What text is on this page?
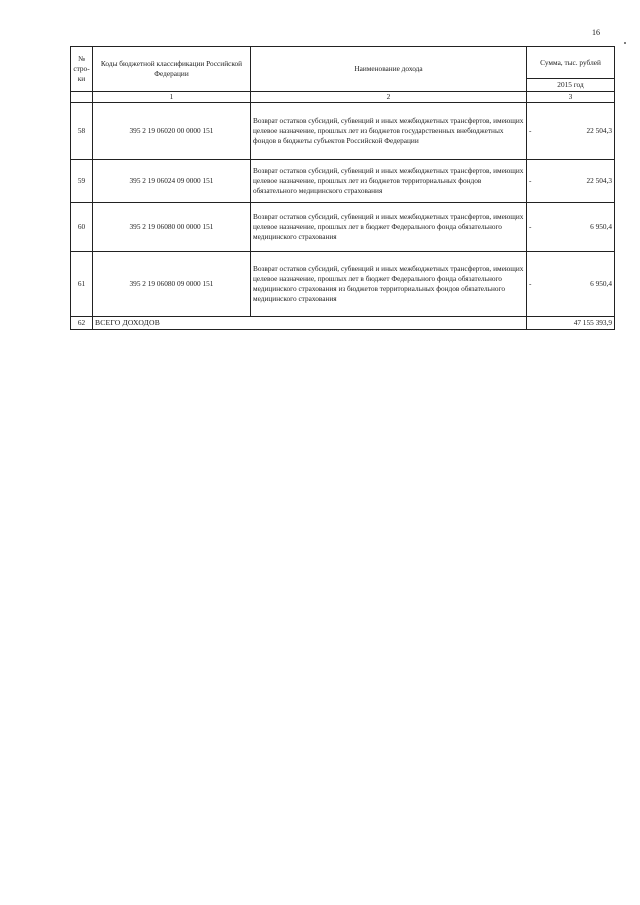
16
№ стро-ки	Коды бюджетной классификации Российской Федерации	Наименование дохода	Сумма, тыс. рублей
			2015 год
	1	2	3
58	395 2 19 06020 00 0000 151	Возврат остатков субсидий, субвенций и иных межбюджетных трансфертов, имеющих целевое назначение, прошлых лет из бюджетов государственных внебюджетных фондов в бюджеты субъектов Российской Федерации	- 22 504,3
59	395 2 19 06024 09 0000 151	Возврат остатков субсидий, субвенций и иных межбюджетных трансфертов, имеющих целевое назначение, прошлых лет из бюджетов территориальных фондов обязательного медицинского страхования	- 22 504,3
60	395 2 19 06080 00 0000 151	Возврат остатков субсидий, субвенций и иных межбюджетных трансфертов, имеющих целевое назначение, прошлых лет в бюджет Федерального фонда обязательного медицинского страхования	- 6 950,4
61	395 2 19 06080 09 0000 151	Возврат остатков субсидий, субвенций и иных межбюджетных трансфертов, имеющих целевое назначение, прошлых лет в бюджет Федерального фонда обязательного медицинского страхования из бюджетов территориальных фондов обязательного медицинского страхования	- 6 950,4
62	ВСЕГО ДОХОДОВ		47 155 393,9
